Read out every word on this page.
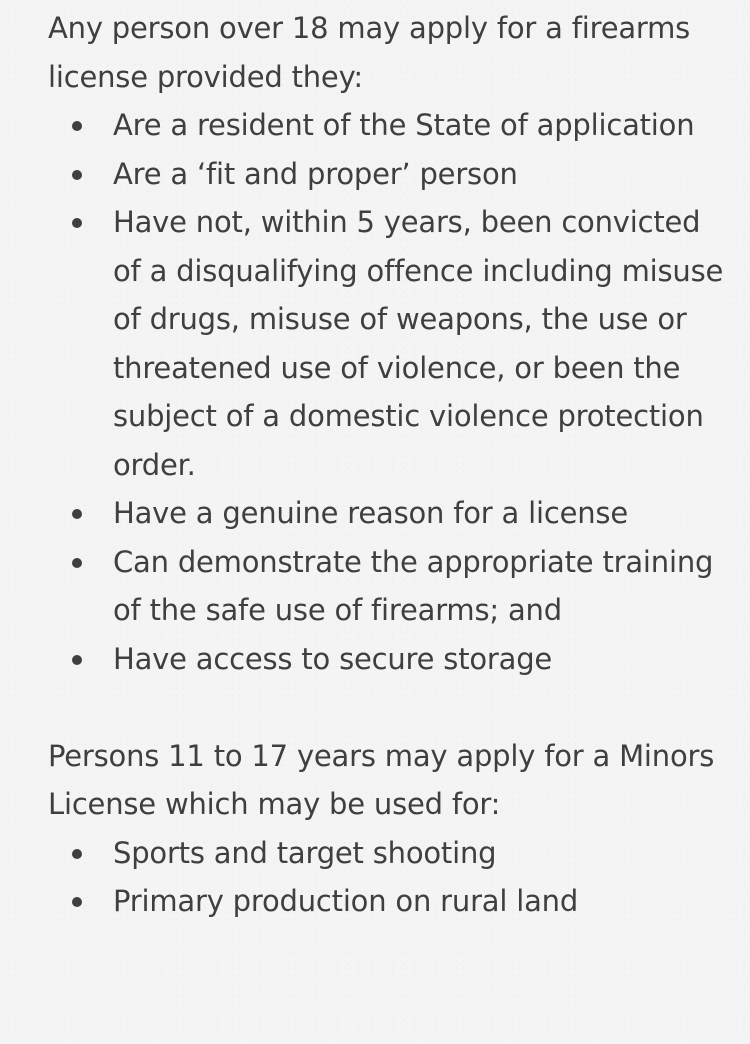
Any person over 18 may apply for a firearms license provided they:

Are a resident of the State of application
Are a ‘fit and proper’ person
Have not, within 5 years, been convicted of a disqualifying offence including misuse of drugs, misuse of weapons, the use or threatened use of violence, or been the subject of a domestic violence protection order.
Have a genuine reason for a license
Can demonstrate the appropriate training of the safe use of firearms; and
Have access to secure storage

Persons 11 to 17 years may apply for a Minors License which may be used for:

Sports and target shooting
Primary production on rural land
